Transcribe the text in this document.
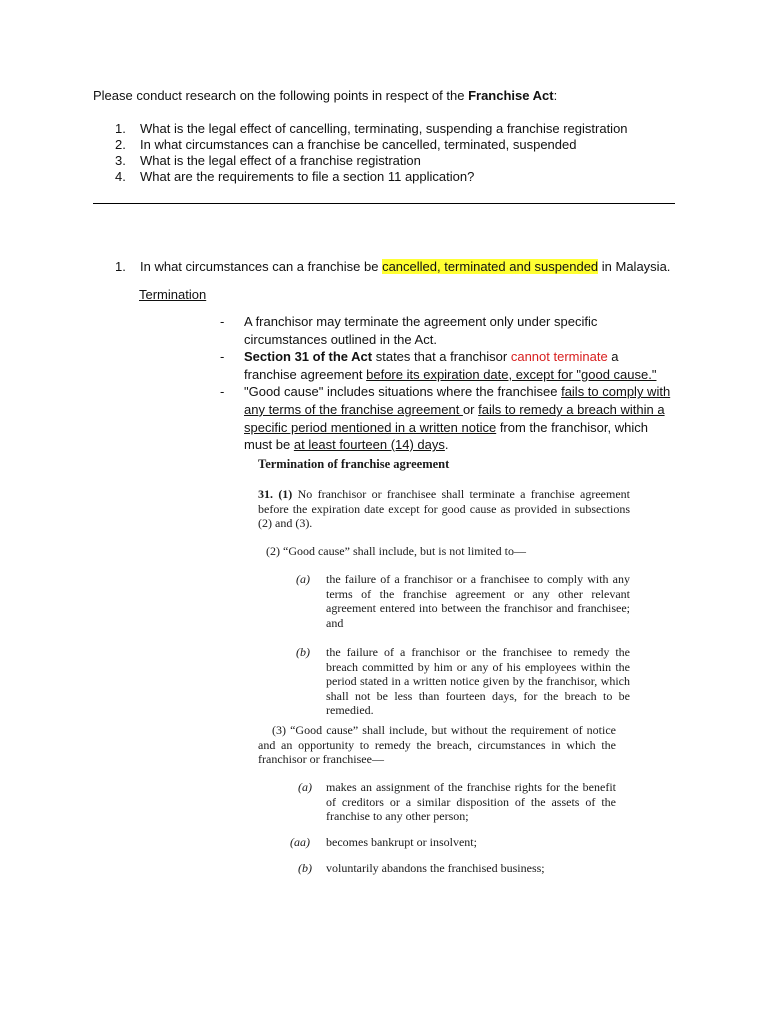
Please conduct research on the following points in respect of the Franchise Act:
1.	What is the legal effect of cancelling, terminating, suspending a franchise registration
2.	In what circumstances can a franchise be cancelled, terminated, suspended
3.	What is the legal effect of a franchise registration
4.	What are the requirements to file a section 11 application?
1.	In what circumstances can a franchise be cancelled, terminated and suspended in Malaysia.
Termination
-	A franchisor may terminate the agreement only under specific circumstances outlined in the Act.
-	Section 31 of the Act states that a franchisor cannot terminate a franchise agreement before its expiration date, except for "good cause."
-	"Good cause" includes situations where the franchisee fails to comply with any terms of the franchise agreement or fails to remedy a breach within a specific period mentioned in a written notice from the franchisor, which must be at least fourteen (14) days.
Termination of franchise agreement
31. (1) No franchisor or franchisee shall terminate a franchise agreement before the expiration date except for good cause as provided in subsections (2) and (3).
(2) “Good cause” shall include, but is not limited to—
(a)	the failure of a franchisor or a franchisee to comply with any terms of the franchise agreement or any other relevant agreement entered into between the franchisor and franchisee; and
(b)	the failure of a franchisor or the franchisee to remedy the breach committed by him or any of his employees within the period stated in a written notice given by the franchisor, which shall not be less than fourteen days, for the breach to be remedied.
(3) “Good cause” shall include, but without the requirement of notice and an opportunity to remedy the breach, circumstances in which the franchisor or franchisee—
(a)	makes an assignment of the franchise rights for the benefit of creditors or a similar disposition of the assets of the franchise to any other person;
(aa)	becomes bankrupt or insolvent;
(b)	voluntarily abandons the franchised business;
